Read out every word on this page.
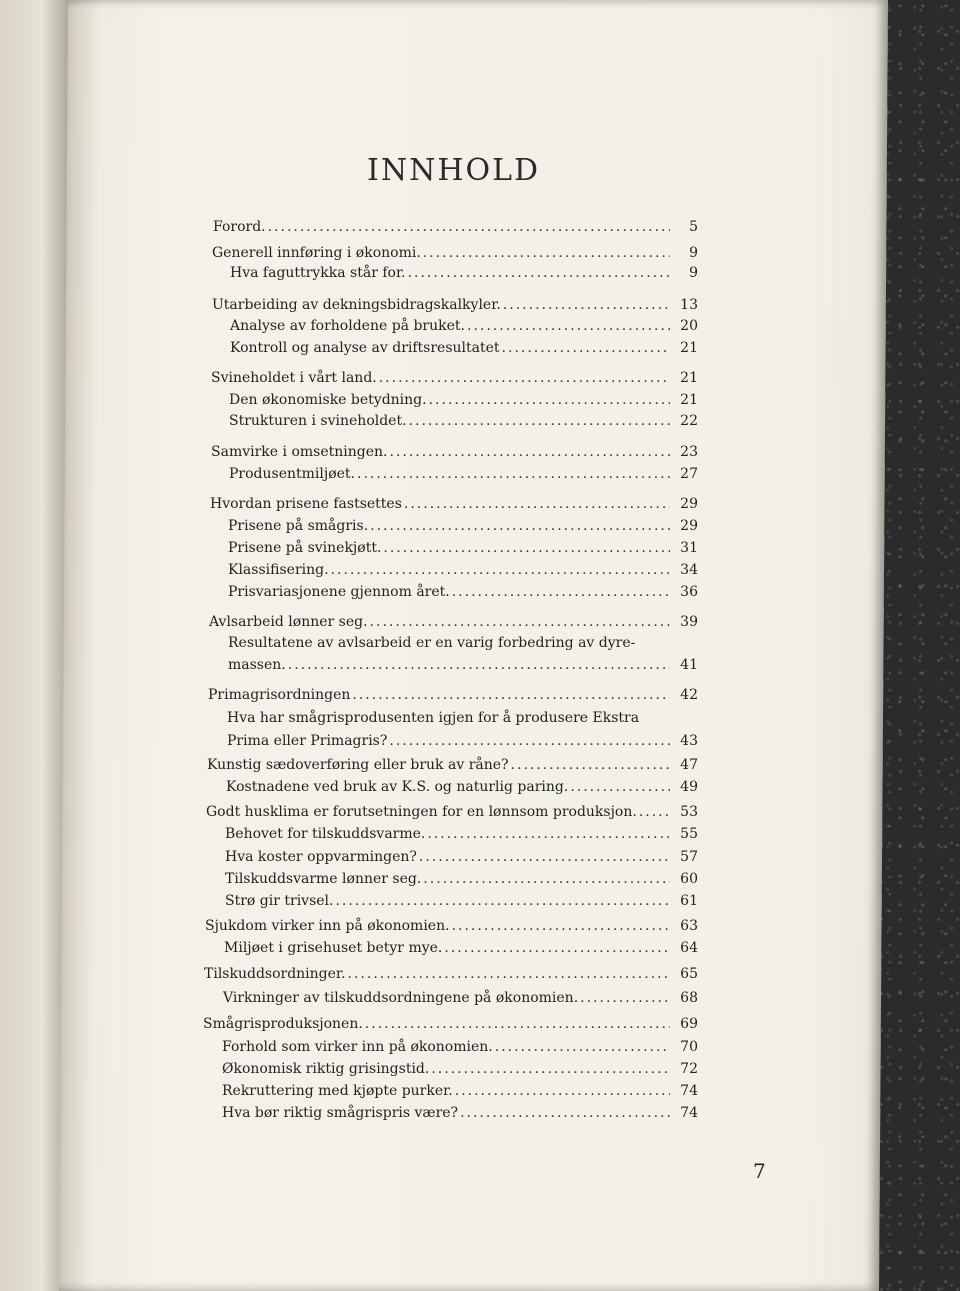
INNHOLD
Forord. .....	5
Generell innføring i økonomi. .....	9
Hva faguttrykka står for. .....	9
Utarbeiding av dekningsbidragskalkyler. .....	13
Analyse av forholdene på bruket. .....	20
Kontroll og analyse av driftsresultatet .....	21
Svineholdet i vårt land. .....	21
Den økonomiske betydning. .....	21
Strukturen i svineholdet. .....	22
Samvirke i omsetningen. .....	23
Produsentmiljøet. .....	27
Hvordan prisene fastsettes .....	29
Prisene på smågris. .....	29
Prisene på svinekjøtt. .....	31
Klassifisering. .....	34
Prisvariasjonene gjennom året. .....	36
Avlsarbeid lønner seg. .....	39
Resultatene av avlsarbeid er en varig forbedring av dyre-
massen. .....	41
Primagrisordningen .....	42
Hva har smågrisprodusenten igjen for å produsere Ekstra
Prima eller Primagris? .....	43
Kunstig sædoverføring eller bruk av råne? .....	47
Kostnadene ved bruk av K.S. og naturlig paring. .....	49
Godt husklima er forutsetningen for en lønnsom produksjon. .....	53
Behovet for tilskuddsvarme. .....	55
Hva koster oppvarmingen? .....	57
Tilskuddsvarme lønner seg. .....	60
Strø gir trivsel. .....	61
Sjukdom virker inn på økonomien. .....	63
Miljøet i grisehuset betyr mye. .....	64
Tilskuddsordninger. .....	65
Virkninger av tilskuddsordningene på økonomien. .....	68
Smågrisproduksjonen. .....	69
Forhold som virker inn på økonomien. .....	70
Økonomisk riktig grisingstid. .....	72
Rekruttering med kjøpte purker. .....	74
Hva bør riktig smågrispris være? .....	74
7
